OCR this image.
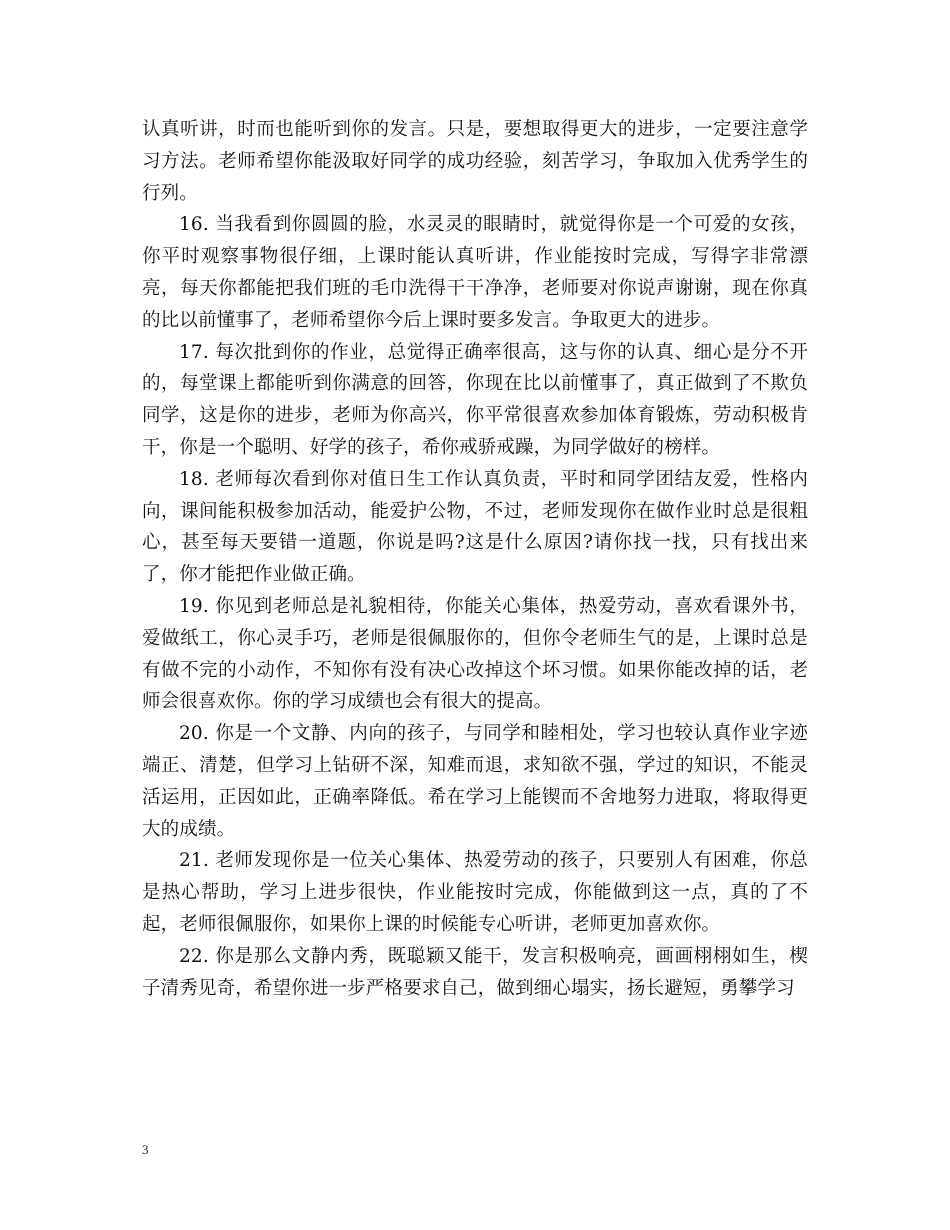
认真听讲，时而也能听到你的发言。只是，要想取得更大的进步，一定要注意学习方法。老师希望你能汲取好同学的成功经验，刻苦学习，争取加入优秀学生的行列。

16. 当我看到你圆圆的脸，水灵灵的眼睛时，就觉得你是一个可爱的女孩，你平时观察事物很仔细，上课时能认真听讲，作业能按时完成，写得字非常漂亮，每天你都能把我们班的毛巾洗得干干净净，老师要对你说声谢谢，现在你真的比以前懂事了，老师希望你今后上课时要多发言。争取更大的进步。

17. 每次批到你的作业，总觉得正确率很高，这与你的认真、细心是分不开的，每堂课上都能听到你满意的回答，你现在比以前懂事了，真正做到了不欺负同学，这是你的进步，老师为你高兴，你平常很喜欢参加体育锻炼，劳动积极肯干，你是一个聪明、好学的孩子，希你戒骄戒躁，为同学做好的榜样。

18. 老师每次看到你对值日生工作认真负责，平时和同学团结友爱，性格内向，课间能积极参加活动，能爱护公物，不过，老师发现你在做作业时总是很粗心，甚至每天要错一道题，你说是吗?这是什么原因?请你找一找，只有找出来了，你才能把作业做正确。

19. 你见到老师总是礼貌相待，你能关心集体，热爱劳动，喜欢看课外书，爱做纸工，你心灵手巧，老师是很佩服你的，但你令老师生气的是，上课时总是有做不完的小动作，不知你有没有决心改掉这个坏习惯。如果你能改掉的话，老师会很喜欢你。你的学习成绩也会有很大的提高。

20. 你是一个文静、内向的孩子，与同学和睦相处，学习也较认真作业字迹端正、清楚，但学习上钻研不深，知难而退，求知欲不强，学过的知识，不能灵活运用，正因如此，正确率降低。希在学习上能锲而不舍地努力进取，将取得更大的成绩。

21. 老师发现你是一位关心集体、热爱劳动的孩子，只要别人有困难，你总是热心帮助，学习上进步很快，作业能按时完成，你能做到这一点，真的了不起，老师很佩服你，如果你上课的时候能专心听讲，老师更加喜欢你。

22. 你是那么文静内秀，既聪颖又能干，发言积极响亮，画画栩栩如生，楔子清秀见奇，希望你进一步严格要求自己，做到细心塌实，扬长避短，勇攀学习

3
